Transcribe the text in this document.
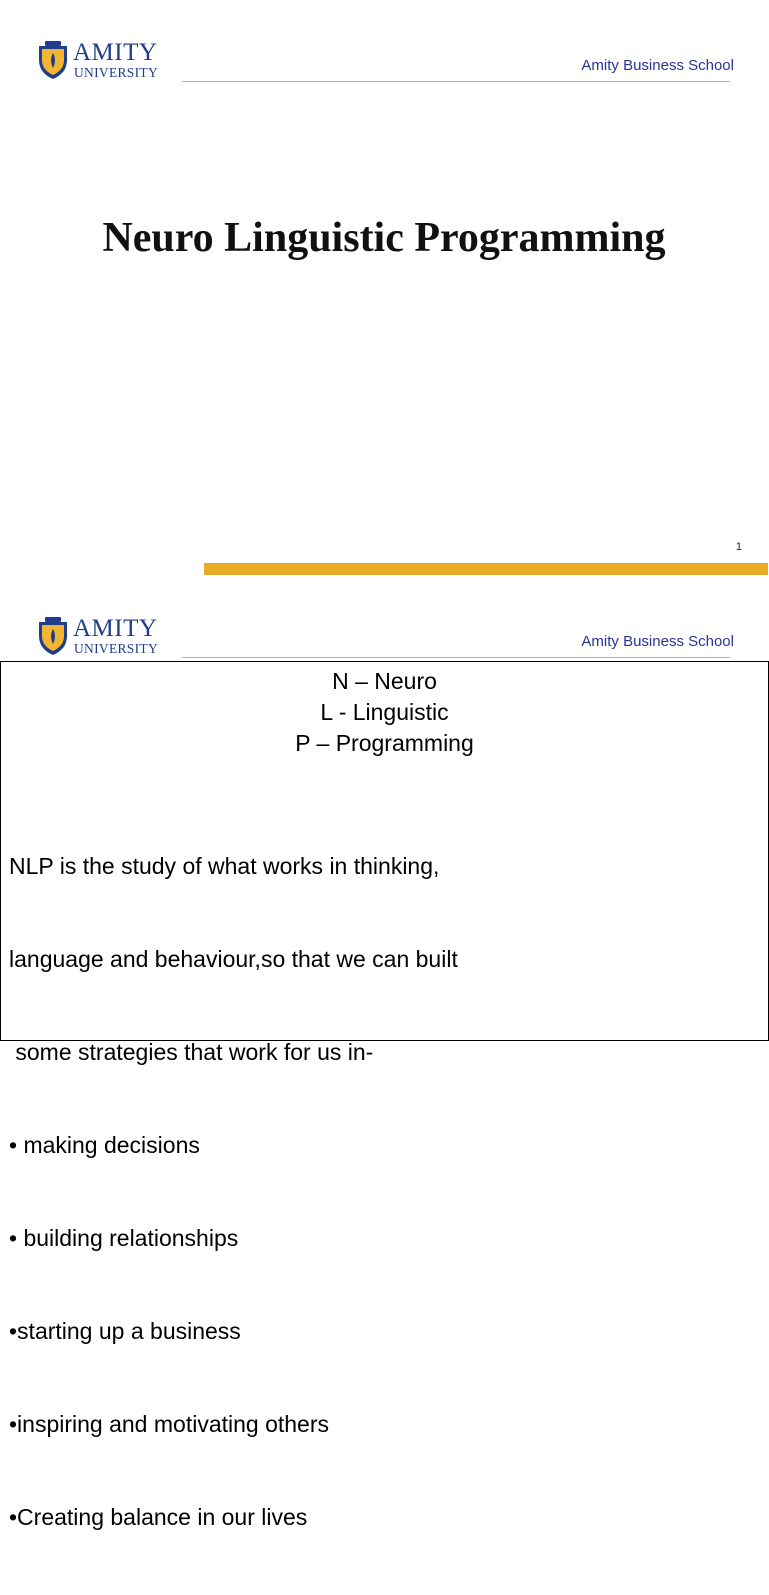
AMITY
UNIVERSITY	Amity Business School
Neuro Linguistic Programming
1
AMITY
UNIVERSITY	Amity Business School
N – Neuro
L - Linguistic
P – Programming

NLP is the study of what works in thinking,

language and behaviour,so that we can built

some strategies that work for us in-

• making decisions

• building relationships

•starting up a business

•inspiring and motivating others

•Creating balance in our lives
